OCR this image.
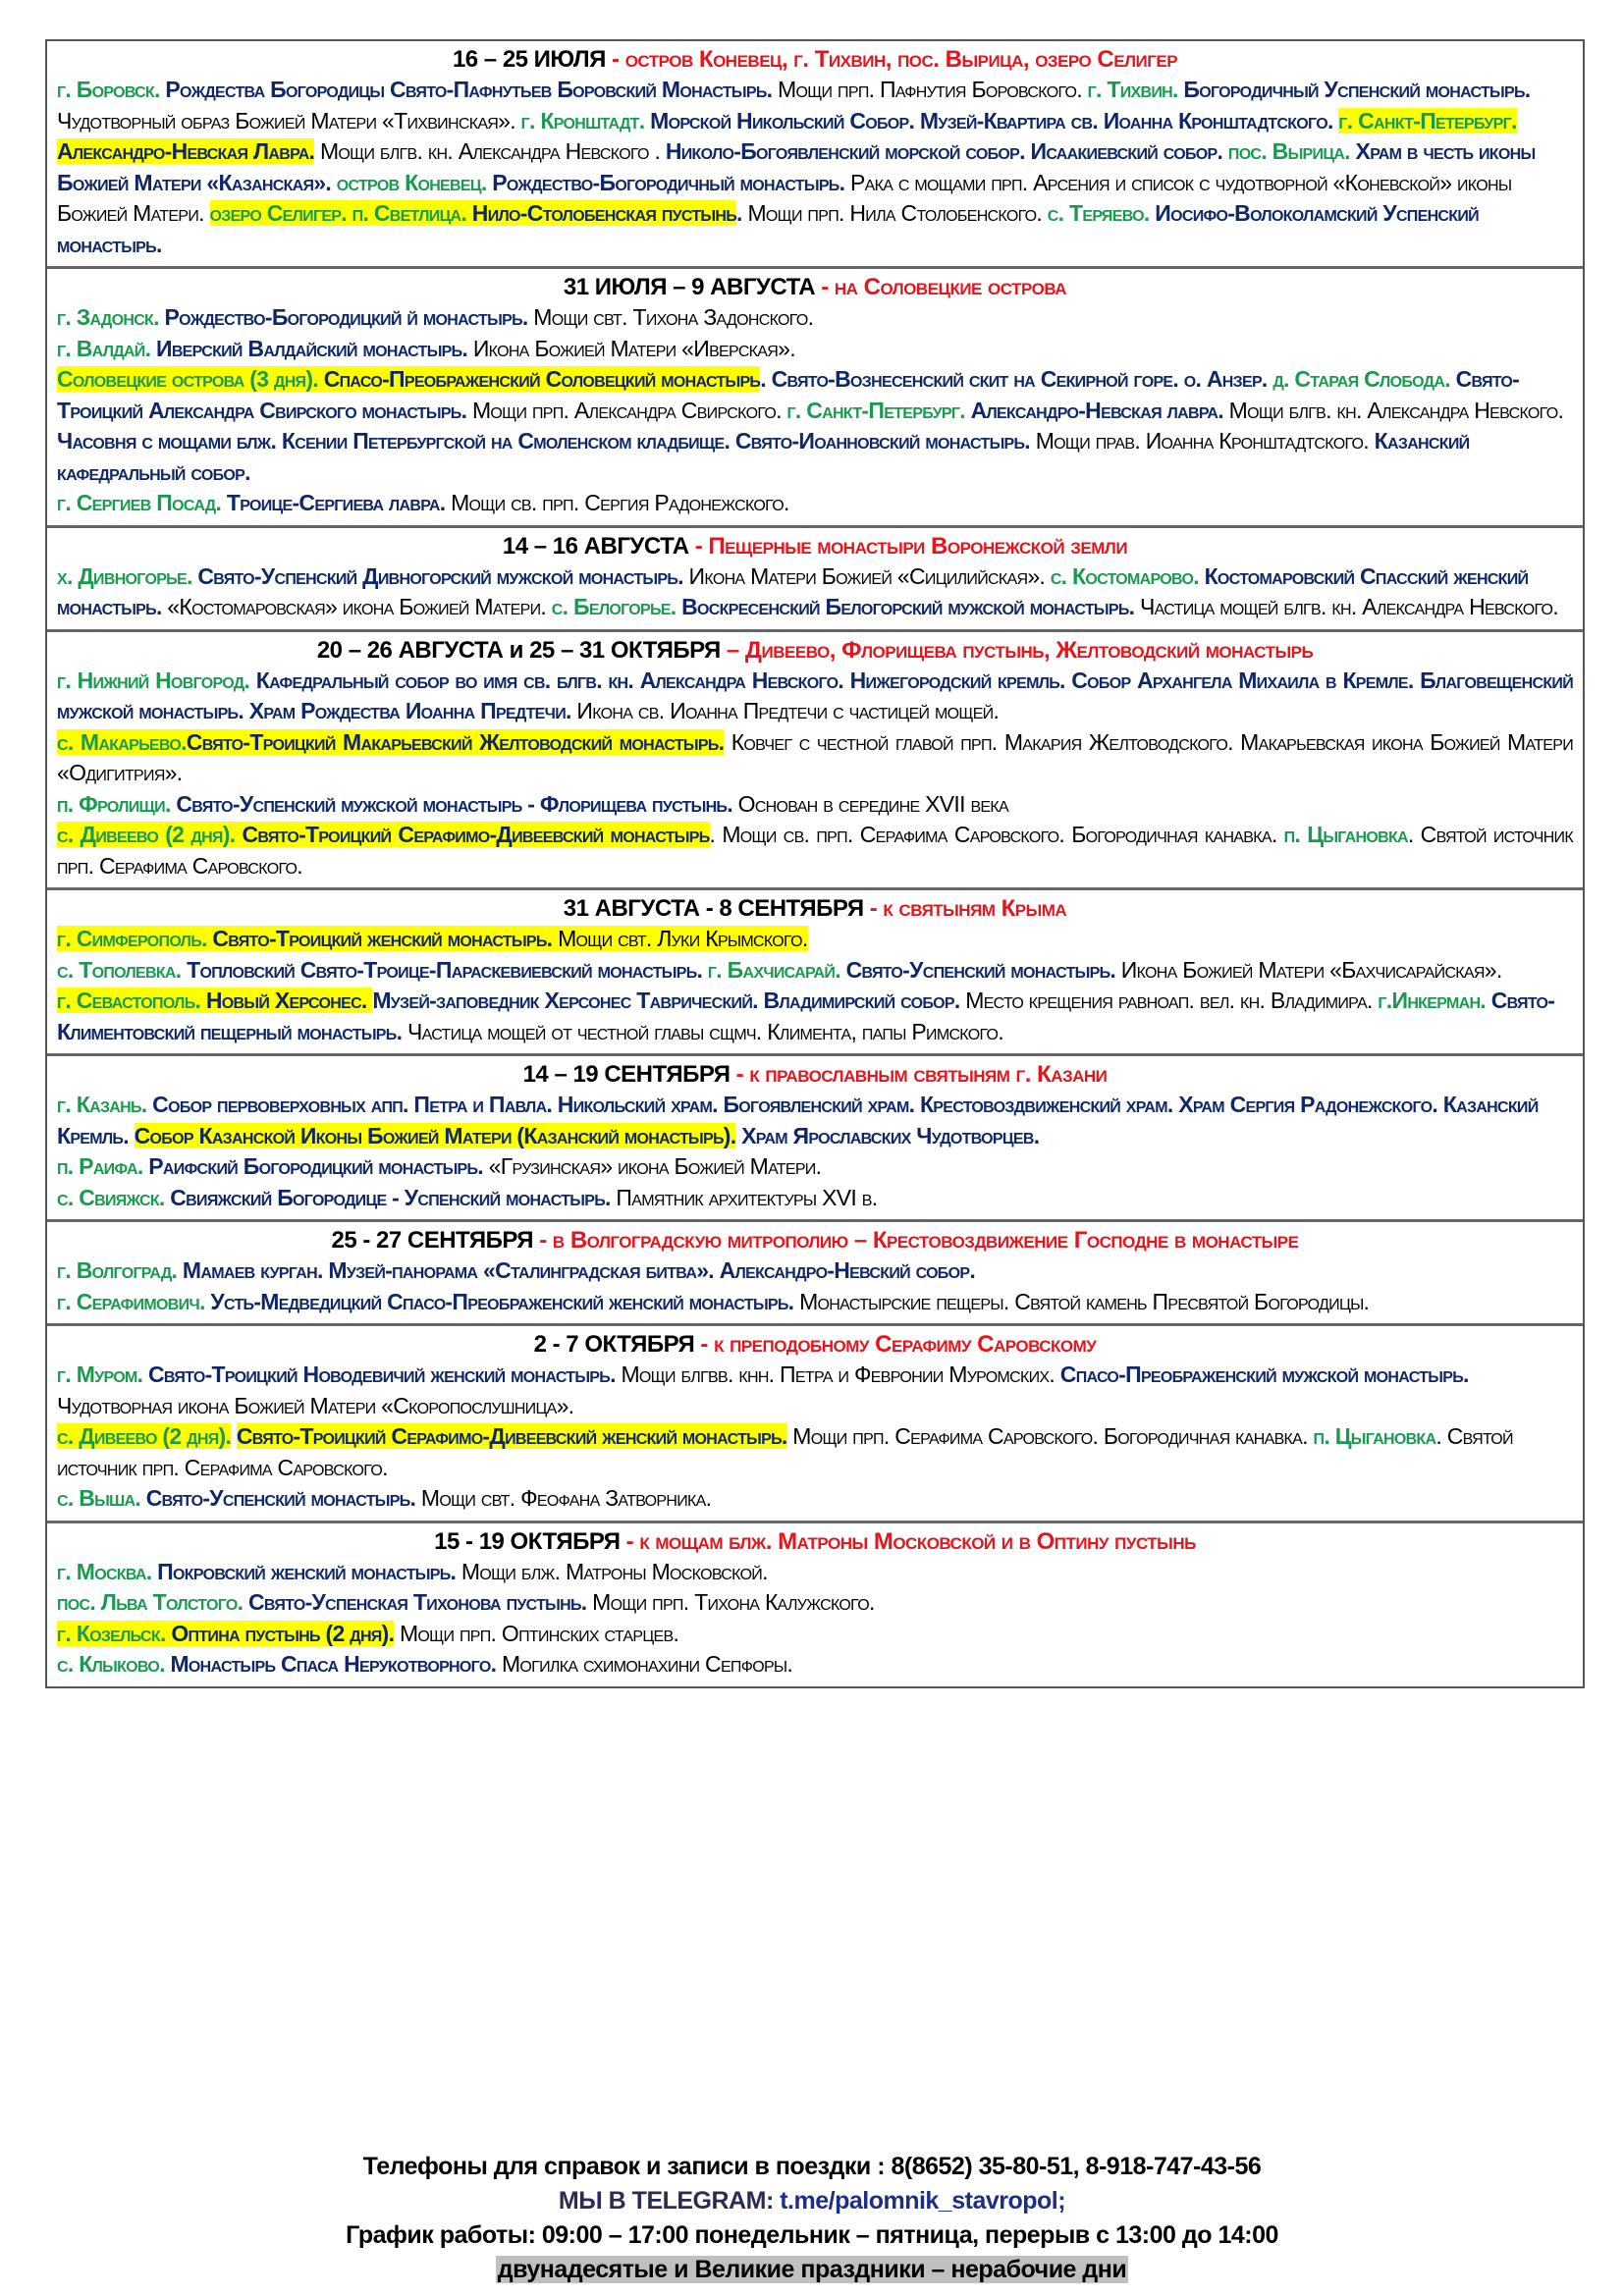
16 – 25 ИЮЛЯ - остров Коневец, г. Тихвин, пос. Вырица, озеро Селигер
г. Боровск. Рождества Богородицы Свято-Пафнутьев Боровский Монастырь. Мощи прп. Пафнутия Боровского. г. Тихвин. Богородичный Успенский монастырь. Чудотворный образ Божией Матери «Тихвинская». г. Кронштадт. Морской Никольский Собор. Музей-Квартира св. Иоанна Кронштадтского. г. Санкт-Петербург. Александро-Невская Лавра. Мощи блгв. кн. Александра Невского . Николо-Богоявленский морской собор. Исаакиевский собор. пос. Вырица. Храм в честь иконы Божией Матери «Казанская». остров Коневец. Рождество-Богородичный монастырь. Рака с мощами прп. Арсения и список с чудотворной «Коневской» иконы Божией Матери. озеро Селигер. п. Светлица. Нило-Столобенская пустынь. Мощи прп. Нила Столобенского. с. Теряево. Иосифо-Волоколамский Успенский монастырь.
31 ИЮЛЯ – 9 АВГУСТА - на Соловецкие острова
г. Задонск. Рождество-Богородицкий й монастырь. Мощи свт. Тихона Задонского.
г. Валдай. Иверский Валдайский монастырь. Икона Божией Матери «Иверская».
Соловецкие острова (3 дня). Спасо-Преображенский Соловецкий монастырь. Свято-Вознесенский скит на Секирной горе. о. Анзер. д. Старая Слобода. Свято-Троицкий Александра Свирского монастырь. Мощи прп. Александра Свирского. г. Санкт-Петербург. Александро-Невская лавра. Мощи блгв. кн. Александра Невского. Часовня с мощами блж. Ксении Петербургской на Смоленском кладбище. Свято-Иоанновский монастырь. Мощи прав. Иоанна Кронштадтского. Казанский кафедральный собор.
г. Сергиев Посад. Троице-Сергиева лавра. Мощи св. прп. Сергия Радонежского.
14 – 16 АВГУСТА - Пещерные монастыри Воронежской земли
х. Дивногорье. Свято-Успенский Дивногорский мужской монастырь. Икона Матери Божией «Сицилийская». с. Костомарово. Костомаровский Спасский женский монастырь. «Костомаровская» икона Божией Матери. с. Белогорье. Воскресенский Белогорский мужской монастырь. Частица мощей блгв. кн. Александра Невского.
20 – 26 АВГУСТА и 25 – 31 ОКТЯБРЯ – Дивеево, Флорищева пустынь, Желтоводский монастырь
г. Нижний Новгород. Кафедральный собор во имя св. блгв. кн. Александра Невского. Нижегородский кремль. Собор Архангела Михаила в Кремле. Благовещенский мужской монастырь. Храм Рождества Иоанна Предтечи. Икона св. Иоанна Предтечи с частицей мощей.
с. Макарьево.Свято-Троицкий Макарьевский Желтоводский монастырь. Ковчег с честной главой прп. Макария Желтоводского. Макарьевская икона Божией Матери «Одигитрия».
п. Фролищи. Свято-Успенский мужской монастырь - Флорищева пустынь. Основан в середине XVII века
с. Дивеево (2 дня). Свято-Троицкий Серафимо-Дивеевский монастырь. Мощи св. прп. Серафима Саровского. Богородичная канавка. п. Цыгановка. Святой источник прп. Серафима Саровского.
31 АВГУСТА - 8 СЕНТЯБРЯ - к святыням Крыма
г. Симферополь. Свято-Троицкий женский монастырь. Мощи свт. Луки Крымского.
с. Тополевка. Топловский Свято-Троице-Параскевиевский монастырь. г. Бахчисарай. Свято-Успенский монастырь. Икона Божией Матери «Бахчисарайская».
г. Севастополь. Новый Херсонес. Музей-заповедник Херсонес Таврический. Владимирский собор. Место крещения равноап. вел. кн. Владимира. г.Инкерман. Свято-Климентовский пещерный монастырь. Частица мощей от честной главы сщмч. Климента, папы Римского.
14 – 19 СЕНТЯБРЯ - к православным святыням г. Казани
г. Казань. Собор первоверховных апп. Петра и Павла. Никольский храм. Богоявленский храм. Крестовоздвиженский храм. Храм Сергия Радонежского. Казанский Кремль. Собор Казанской Иконы Божией Матери (Казанский монастырь). Храм Ярославских Чудотворцев.
п. Раифа. Раифский Богородицкий монастырь. «Грузинская» икона Божией Матери.
с. Свияжск. Свияжский Богородице - Успенский монастырь. Памятник архитектуры XVI в.
25 - 27 СЕНТЯБРЯ - в Волгоградскую митрополию – Крестовоздвижение Господне в монастыре
г. Волгоград. Мамаев курган. Музей-панорама «Сталинградская битва». Александро-Невский собор.
г. Серафимович. Усть-Медведицкий Спасо-Преображенский женский монастырь. Монастырские пещеры. Святой камень Пресвятой Богородицы.
2 - 7 ОКТЯБРЯ - к преподобному Серафиму Саровскому
г. Муром. Свято-Троицкий Новодевичий женский монастырь. Мощи блгвв. кнн. Петра и Февронии Муромских. Спасо-Преображенский мужской монастырь. Чудотворная икона Божией Матери «Скоропослушница».
с. Дивеево (2 дня). Свято-Троицкий Серафимо-Дивеевский женский монастырь. Мощи прп. Серафима Саровского. Богородичная канавка. п. Цыгановка. Святой источник прп. Серафима Саровского.
с. Выша. Свято-Успенский монастырь. Мощи свт. Феофана Затворника.
15 - 19 ОКТЯБРЯ - к мощам блж. Матроны Московской и в Оптину пустынь
г. Москва. Покровский женский монастырь. Мощи блж. Матроны Московской.
пос. Льва Толстого. Свято-Успенская Тихонова пустынь. Мощи прп. Тихона Калужского.
г. Козельск. Оптина пустынь (2 дня). Мощи прп. Оптинских старцев.
с. Клыково. Монастырь Спаса Нерукотворного. Могилка схимонахини Сепфоры.
Телефоны для справок и записи в поездки : 8(8652) 35-80-51, 8-918-747-43-56
МЫ В TELEGRAM: t.me/palomnik_stavropol;
График работы: 09:00 – 17:00 понедельник – пятница, перерыв с 13:00 до 14:00
двунадесятые и Великие праздники – нерабочие дни
